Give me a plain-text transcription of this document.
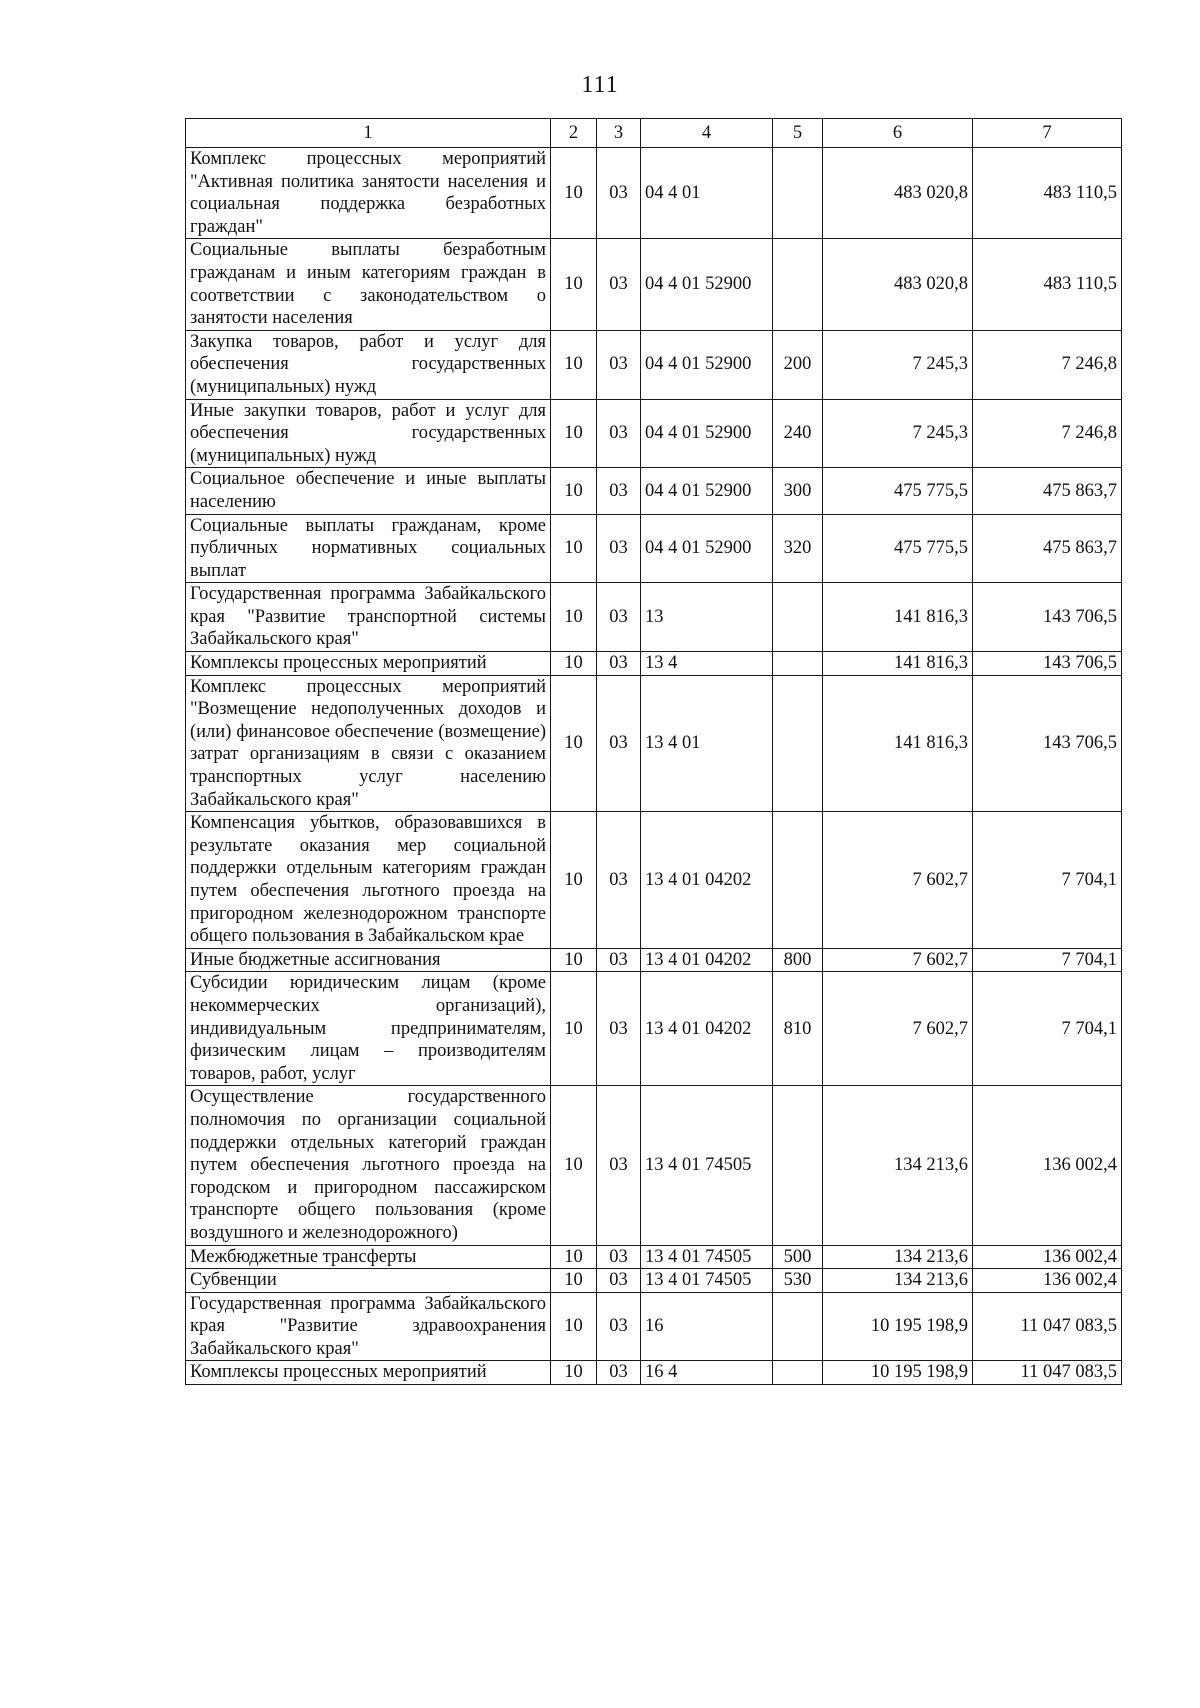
111
1	2	3	4	5	6	7
Комплекс процессных мероприятий "Активная политика занятости населения и социальная поддержка безработных граждан"	10	03	04 4 01		483 020,8	483 110,5
Социальные выплаты безработным гражданам и иным категориям граждан в соответствии с законодательством о занятости населения	10	03	04 4 01 52900		483 020,8	483 110,5
Закупка товаров, работ и услуг для обеспечения государственных (муниципальных) нужд	10	03	04 4 01 52900	200	7 245,3	7 246,8
Иные закупки товаров, работ и услуг для обеспечения государственных (муниципальных) нужд	10	03	04 4 01 52900	240	7 245,3	7 246,8
Социальное обеспечение и иные выплаты населению	10	03	04 4 01 52900	300	475 775,5	475 863,7
Социальные выплаты гражданам, кроме публичных нормативных социальных выплат	10	03	04 4 01 52900	320	475 775,5	475 863,7
Государственная программа Забайкальского края "Развитие транспортной системы Забайкальского края"	10	03	13		141 816,3	143 706,5
Комплексы процессных мероприятий	10	03	13 4		141 816,3	143 706,5
Комплекс процессных мероприятий "Возмещение недополученных доходов и (или) финансовое обеспечение (возмещение) затрат организациям в связи с оказанием транспортных услуг населению Забайкальского края"	10	03	13 4 01		141 816,3	143 706,5
Компенсация убытков, образовавшихся в результате оказания мер социальной поддержки отдельным категориям граждан путем обеспечения льготного проезда на пригородном железнодорожном транспорте общего пользования в Забайкальском крае	10	03	13 4 01 04202		7 602,7	7 704,1
Иные бюджетные ассигнования	10	03	13 4 01 04202	800	7 602,7	7 704,1
Субсидии юридическим лицам (кроме некоммерческих организаций), индивидуальным предпринимателям, физическим лицам – производителям товаров, работ, услуг	10	03	13 4 01 04202	810	7 602,7	7 704,1
Осуществление государственного полномочия по организации социальной поддержки отдельных категорий граждан путем обеспечения льготного проезда на городском и пригородном пассажирском транспорте общего пользования (кроме воздушного и железнодорожного)	10	03	13 4 01 74505		134 213,6	136 002,4
Межбюджетные трансферты	10	03	13 4 01 74505	500	134 213,6	136 002,4
Субвенции	10	03	13 4 01 74505	530	134 213,6	136 002,4
Государственная программа Забайкальского края "Развитие здравоохранения Забайкальского края"	10	03	16		10 195 198,9	11 047 083,5
Комплексы процессных мероприятий	10	03	16 4		10 195 198,9	11 047 083,5
